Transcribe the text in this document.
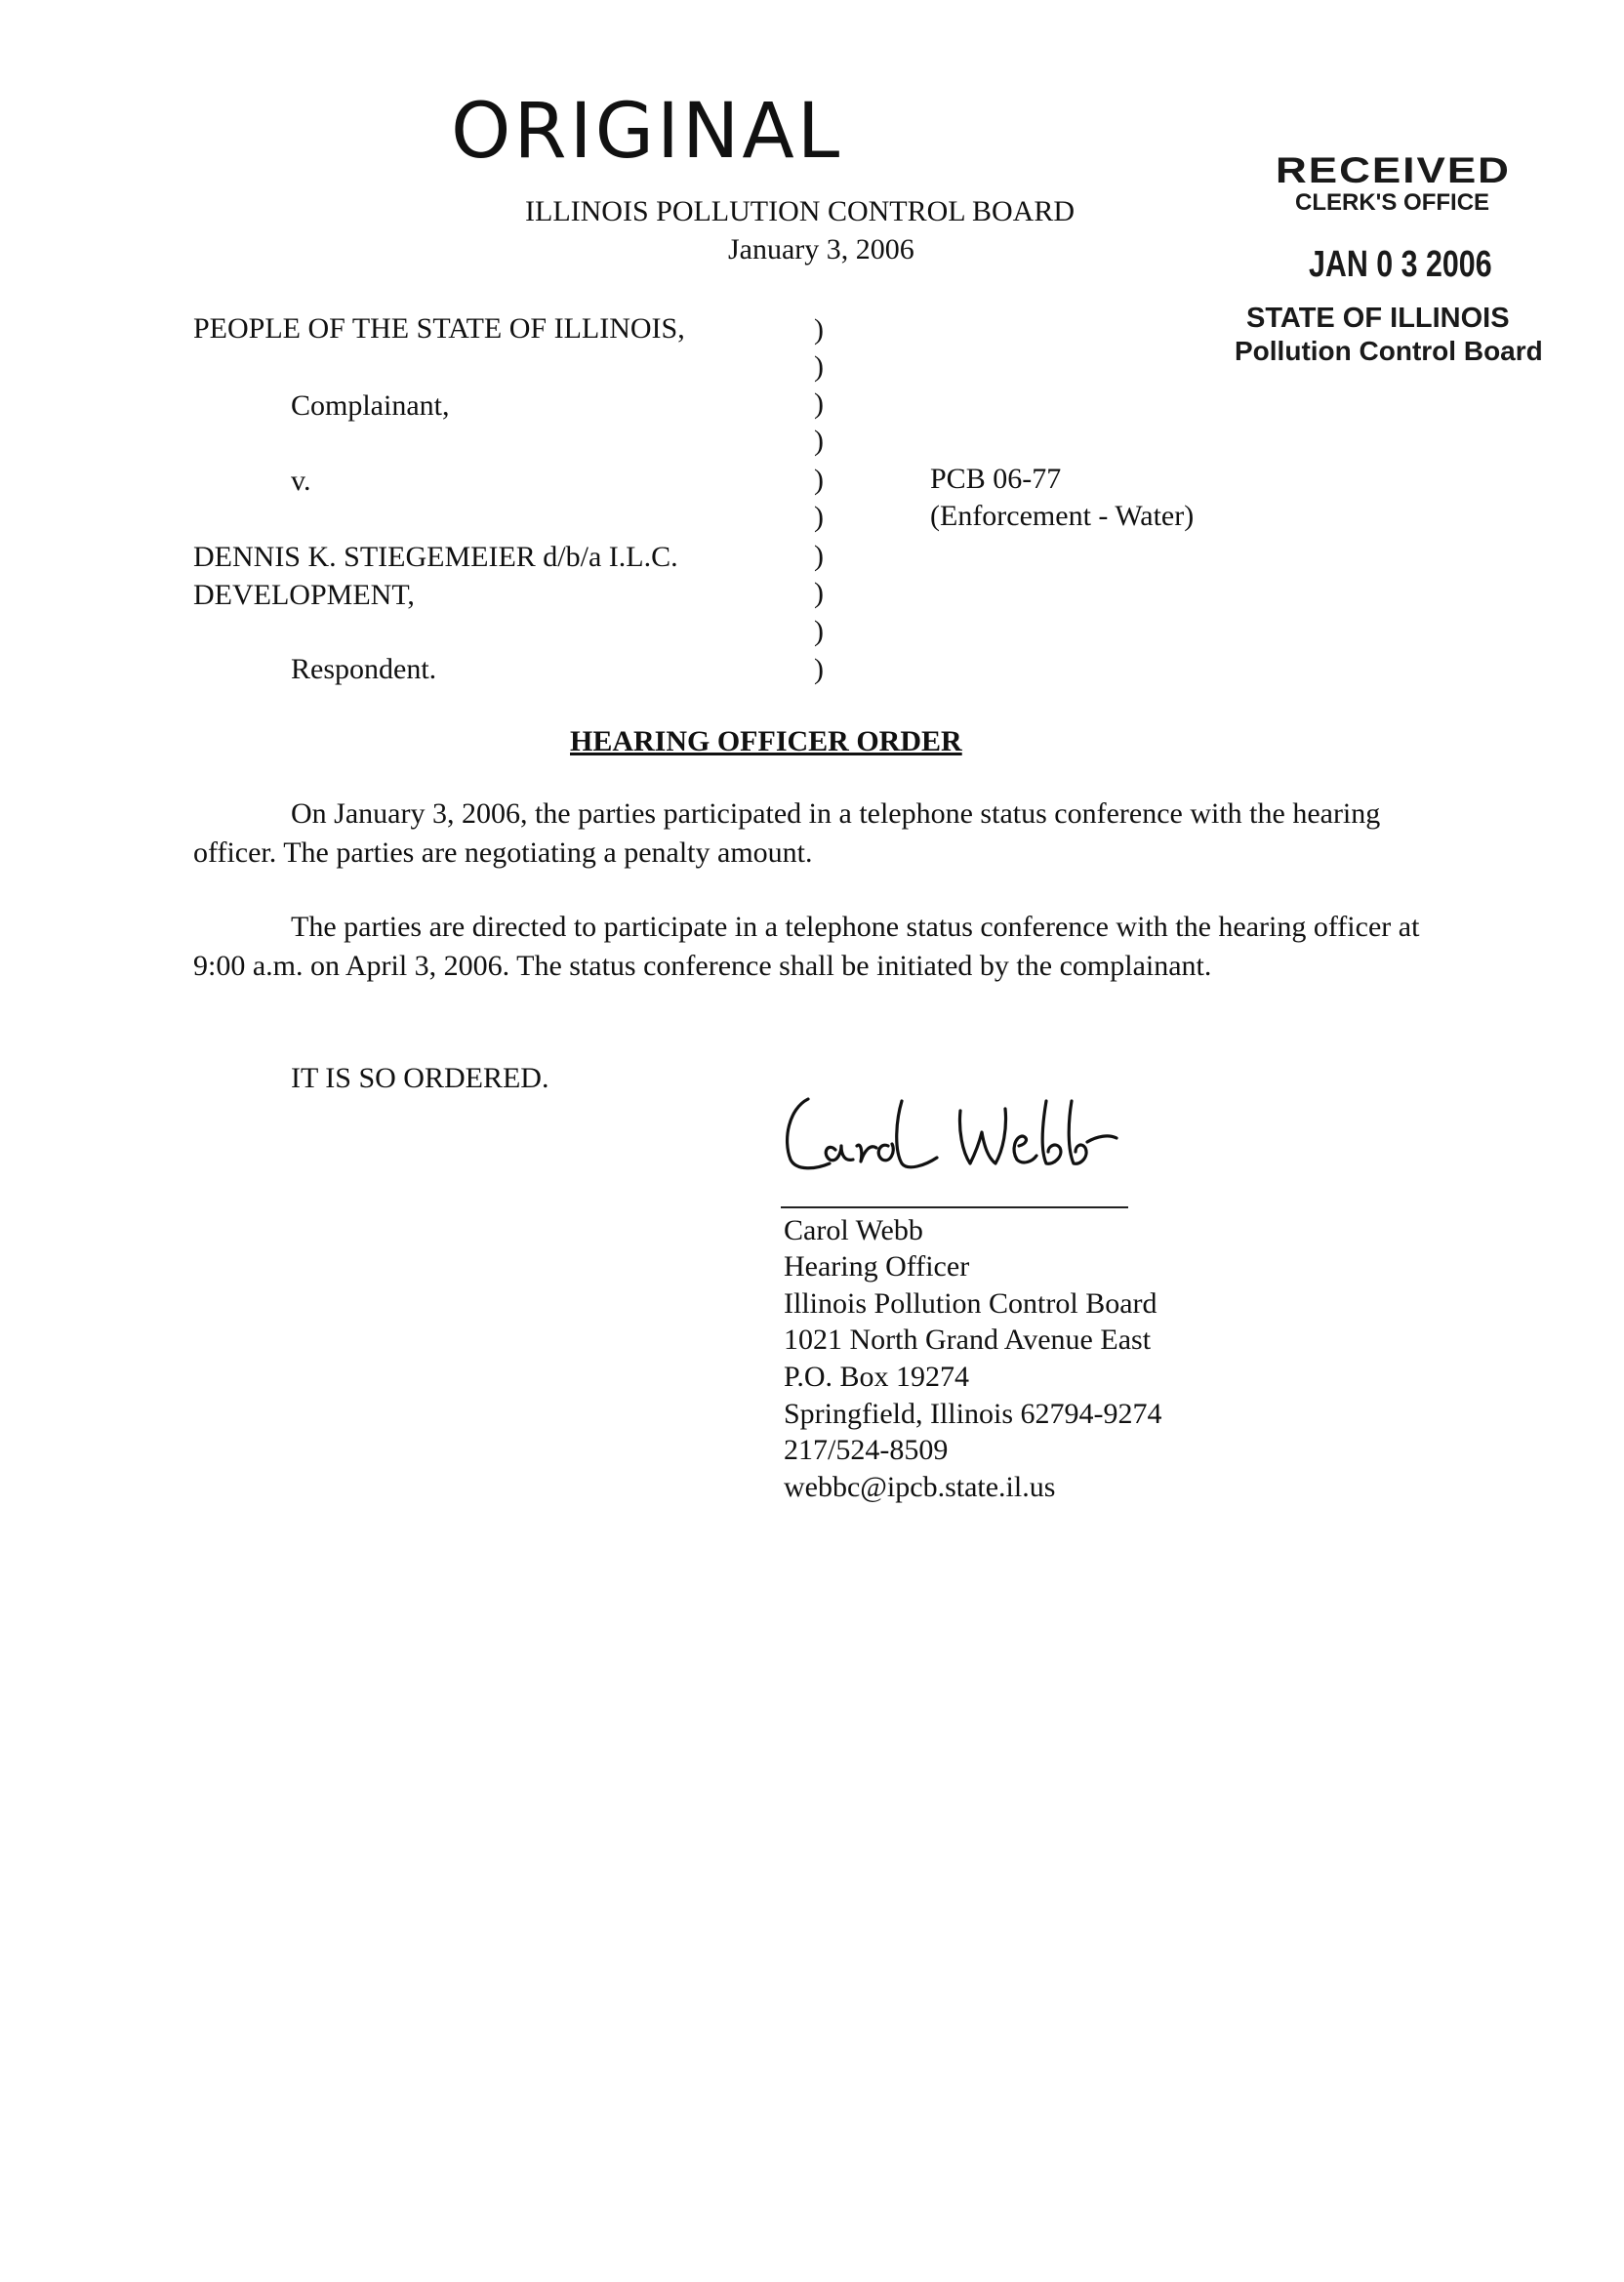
ORIGINAL
ILLINOIS POLLUTION CONTROL BOARD
January 3, 2006
RECEIVED
CLERK'S OFFICE
JAN 0 3 2006
STATE OF ILLINOIS
Pollution Control Board
PEOPLE OF THE STATE OF ILLINOIS,
Complainant,
v.
DENNIS K. STIEGEMEIER d/b/a I.L.C.
DEVELOPMENT,
Respondent.
)
)
)
)
)
)
)
)
)
)
PCB 06-77
(Enforcement - Water)
HEARING OFFICER ORDER
On January 3, 2006, the parties participated in a telephone status conference with the hearing officer. The parties are negotiating a penalty amount.
The parties are directed to participate in a telephone status conference with the hearing officer at 9:00 a.m. on April 3, 2006. The status conference shall be initiated by the complainant.
IT IS SO ORDERED.
Carol Webb
Hearing Officer
Illinois Pollution Control Board
1021 North Grand Avenue East
P.O. Box 19274
Springfield, Illinois 62794-9274
217/524-8509
webbc@ipcb.state.il.us
